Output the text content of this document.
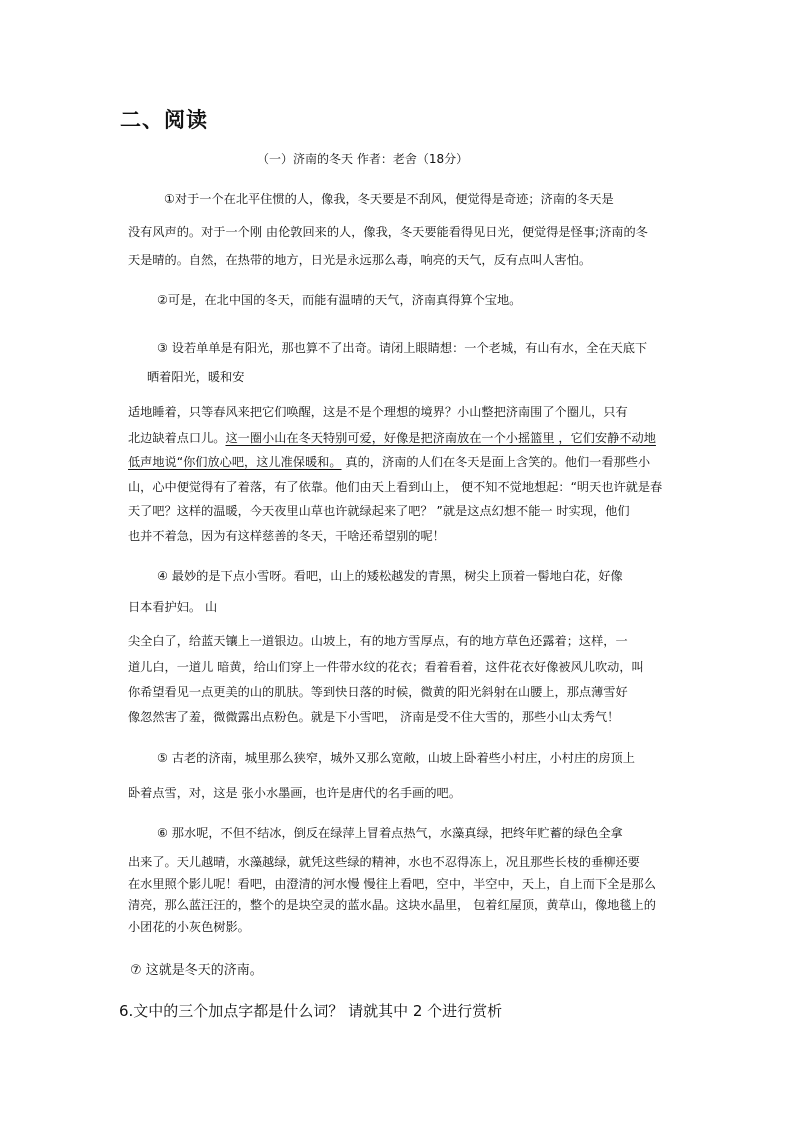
二、阅读
（一）济南的冬天 作者：老舍（18分）
①对于一个在北平住惯的人，像我，冬天要是不刮风，便觉得是奇迹；济南的冬天是
没有风声的。对于一个刚 由伦敦回来的人，像我，冬天要能看得见日光，便觉得是怪事;济南的冬
天是晴的。自然，在热带的地方，日光是永远那么毒，响亮的天气，反有点叫人害怕。
②可是，在北中国的冬天，而能有温晴的天气，济南真得算个宝地。
③ 设若单单是有阳光，那也算不了出奇。请闭上眼睛想：一个老城，有山有水，全在天底下
晒着阳光，暖和安
适地睡着，只等春风来把它们唤醒，这是不是个理想的境界？小山整把济南围了个圈儿，只有
北边缺着点口儿。这一圈小山在冬天特别可爱，好像是把济南放在一个小摇篮里 ，它们安静不动地
低声地说“你们放心吧，这儿准保暖和。 真的，济南的人们在冬天是面上含笑的。他们一看那些小
山，心中便觉得有了着落，有了依靠。他们由天上看到山上， 便不知不觉地想起：“明天也许就是春
天了吧？这样的温暖，今天夜里山草也许就绿起来了吧？ ”就是这点幻想不能一 时实现，他们
也并不着急，因为有这样慈善的冬天，干啥还希望别的呢！
④ 最妙的是下点小雪呀。看吧，山上的矮松越发的青黑，树尖上顶着一髻地白花，好像
日本看护妇。 山
尖全白了，给蓝天镶上一道银边。山坡上，有的地方雪厚点，有的地方草色还露着；这样，一
道儿白，一道儿 暗黄，给山们穿上一件带水纹的花衣；看着看着，这件花衣好像被风儿吹动，叫
你希望看见一点更美的山的肌肤。等到快日落的时候，微黄的阳光斜射在山腰上，那点薄雪好
像忽然害了羞，微微露出点粉色。就是下小雪吧， 济南是受不住大雪的，那些小山太秀气！
⑤ 古老的济南，城里那么狭窄，城外又那么宽敞，山坡上卧着些小村庄，小村庄的房顶上
卧着点雪，对，这是 张小水墨画，也许是唐代的名手画的吧。
⑥ 那水呢，不但不结冰，倒反在绿萍上冒着点热气，水藻真绿，把终年贮蓄的绿色全拿
出来了。天儿越晴，水藻越绿，就凭这些绿的精神，水也不忍得冻上，况且那些长枝的垂柳还要
在水里照个影儿呢！看吧，由澄清的河水慢 慢往上看吧，空中，半空中，天上，自上而下全是那么
清亮，那么蓝汪汪的，整个的是块空灵的蓝水晶。这块水晶里， 包着红屋顶，黄草山，像地毯上的
小团花的小灰色树影。
⑦ 这就是冬天的济南。
6.文中的三个加点字都是什么词？ 请就其中 2 个进行赏析
